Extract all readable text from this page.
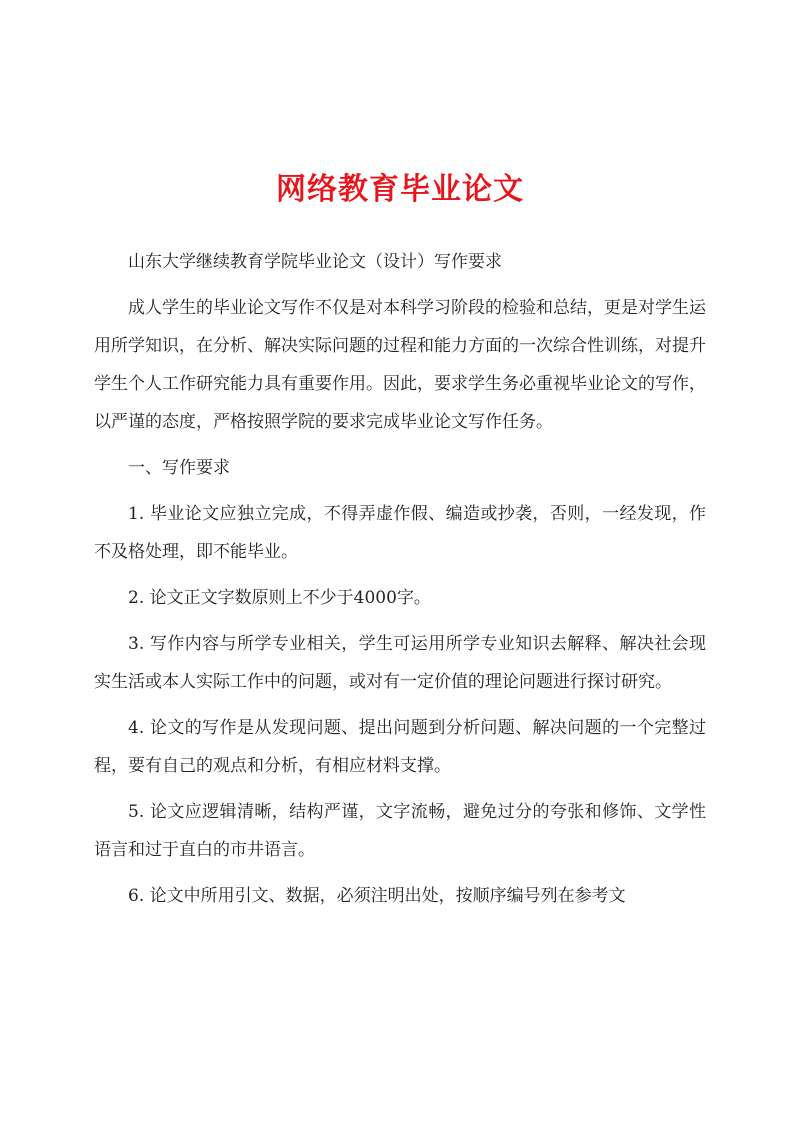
网络教育毕业论文

山东大学继续教育学院毕业论文（设计）写作要求

成人学生的毕业论文写作不仅是对本科学习阶段的检验和总结，更是对学生运用所学知识，在分析、解决实际问题的过程和能力方面的一次综合性训练，对提升学生个人工作研究能力具有重要作用。因此，要求学生务必重视毕业论文的写作，以严谨的态度，严格按照学院的要求完成毕业论文写作任务。

一、写作要求

1. 毕业论文应独立完成，不得弄虚作假、编造或抄袭，否则，一经发现，作不及格处理，即不能毕业。

2. 论文正文字数原则上不少于4000字。

3. 写作内容与所学专业相关，学生可运用所学专业知识去解释、解决社会现实生活或本人实际工作中的问题，或对有一定价值的理论问题进行探讨研究。

4. 论文的写作是从发现问题、提出问题到分析问题、解决问题的一个完整过程，要有自己的观点和分析，有相应材料支撑。

5. 论文应逻辑清晰，结构严谨，文字流畅，避免过分的夸张和修饰、文学性语言和过于直白的市井语言。

6. 论文中所用引文、数据，必须注明出处，按顺序编号列在参考文
